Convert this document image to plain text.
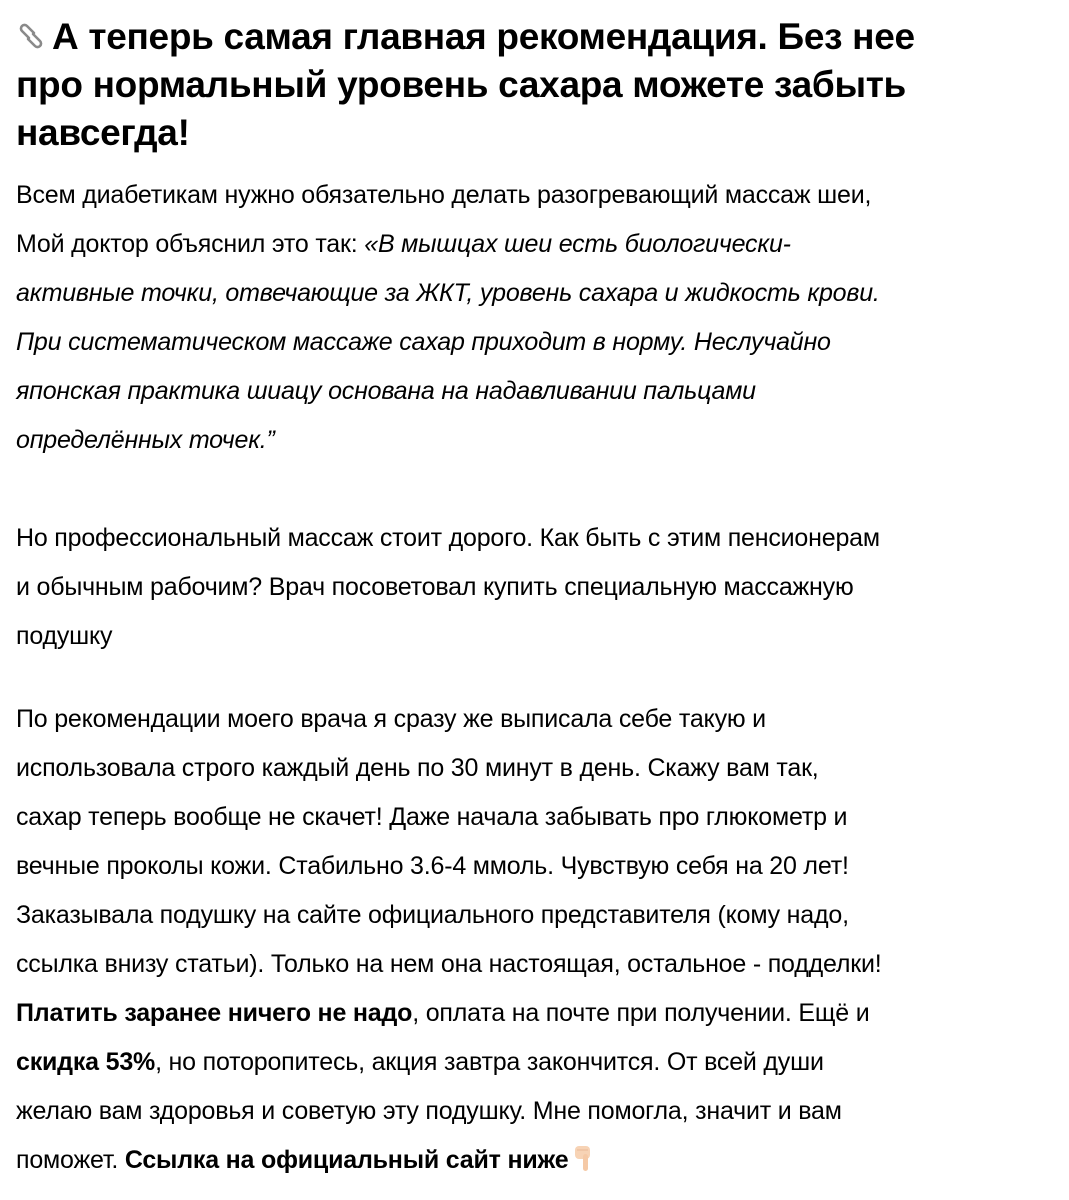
А теперь самая главная рекомендация. Без нее
про нормальный уровень сахара можете забыть
навсегда!
Всем диабетикам нужно обязательно делать разогревающий массаж шеи,
Мой доктор объяснил это так: «В мышцах шеи есть биологически-
активные точки, отвечающие за ЖКТ, уровень сахара и жидкость крови.
При систематическом массаже сахар приходит в норму. Неслучайно
японская практика шиацу основана на надавливании пальцами
определённых точек.”
Но профессиональный массаж стоит дорого. Как быть с этим пенсионерам
и обычным рабочим? Врач посоветовал купить специальную массажную
подушку
По рекомендации моего врача я сразу же выписала себе такую и
использовала строго каждый день по 30 минут в день. Скажу вам так,
сахар теперь вообще не скачет! Даже начала забывать про глюкометр и
вечные проколы кожи. Стабильно 3.6-4 ммоль. Чувствую себя на 20 лет!
Заказывала подушку на сайте официального представителя (кому надо,
ссылка внизу статьи). Только на нем она настоящая, остальное - подделки!
Платить заранее ничего не надо, оплата на почте при получении. Ещё и
скидка 53%, но поторопитесь, акция завтра закончится. От всей души
желаю вам здоровья и советую эту подушку. Мне помогла, значит и вам
поможет. Ссылка на официальный сайт ниже
